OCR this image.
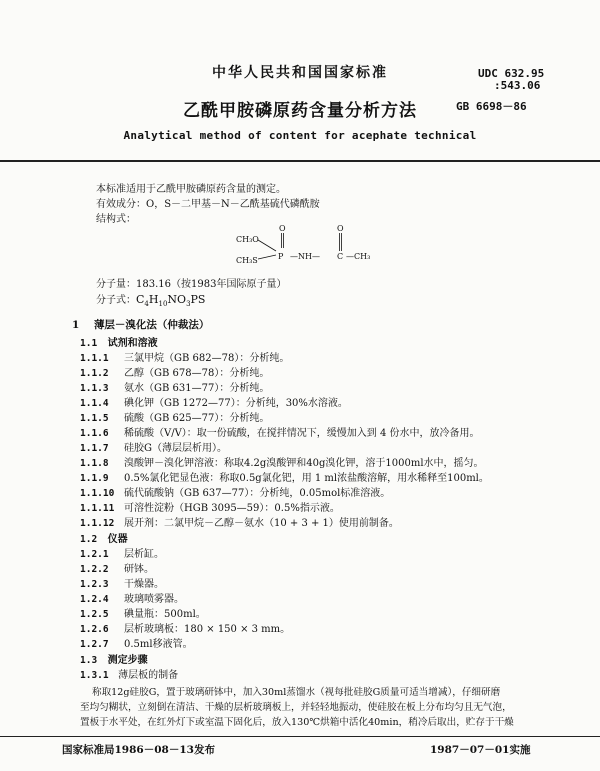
中华人民共和国国家标准	UDC 632.95
:543.06
乙酰甲胺磷原药含量分析方法	GB 6698－86
Analytical method of content for acephate technical
本标准适用于乙酰甲胺磷原药含量的测定。
有效成分：O，S－二甲基－N－乙酰基硫代磷酰胺
结构式：
O	O
CH₃O
CH₃S	P —NH— C —CH₃
分子量：183.16（按1983年国际原子量）
分子式：$C_4H_{10}NO_3PS$
1 薄层－溴化法（仲裁法）
1.1 试剂和溶液
1.1.1 三氯甲烷（GB 682—78）：分析纯。
1.1.2 乙醇（GB 678—78）：分析纯。
1.1.3 氨水（GB 631—77）：分析纯。
1.1.4 碘化钾（GB 1272—77）：分析纯，30%水溶液。
1.1.5 硫酸（GB 625—77）：分析纯。
1.1.6 稀硫酸（V/V）：取一份硫酸，在搅拌情况下，缓慢加入到 4 份水中，放冷备用。
1.1.7 硅胶G（薄层层析用）。
1.1.8 溴酸钾－溴化钾溶液：称取4.2g溴酸钾和40g溴化钾，溶于1000ml水中，摇匀。
1.1.9 0.5%氯化钯显色液：称取0.5g氯化钯，用 1 ml浓盐酸溶解，用水稀释至100ml。
1.1.10 硫代硫酸钠（GB 637—77）：分析纯，0.05mol标准溶液。
1.1.11 可溶性淀粉（HGB 3095—59）：0.5%指示液。
1.1.12 展开剂：二氯甲烷－乙醇－氨水（10 + 3 + 1）使用前制备。
1.2 仪器
1.2.1 层析缸。
1.2.2 研钵。
1.2.3 干燥器。
1.2.4 玻璃喷雾器。
1.2.5 碘量瓶：500ml。
1.2.6 层析玻璃板：180 × 150 × 3 mm。
1.2.7 0.5ml移液管。
1.3 测定步骤
1.3.1 薄层板的制备
称取12g硅胶G，置于玻璃研钵中，加入30ml蒸馏水（视每批硅胶G质量可适当增减），仔细研磨
至均匀糊状，立刻倒在清洁、干燥的层析玻璃板上，并轻轻地振动，使硅胶在板上分布均匀且无气泡，
置板于水平处，在红外灯下或室温下固化后，放入130℃烘箱中活化40min，稍冷后取出，贮存于干燥
国家标准局1986－08－13发布	1987－07－01实施
